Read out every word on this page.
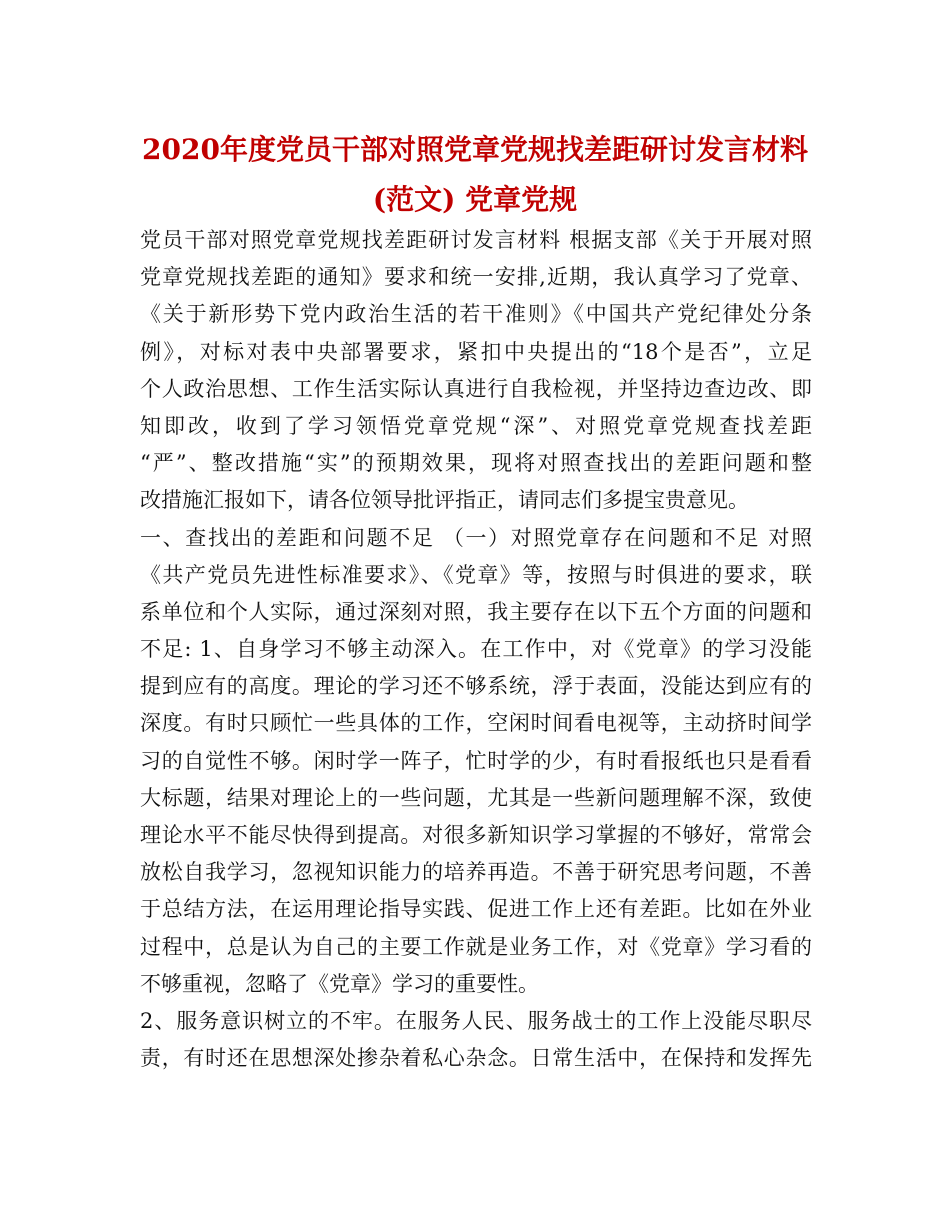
2020年度党员干部对照党章党规找差距研讨发言材料
(范文) 党章党规
党员干部对照党章党规找差距研讨发言材料 根据支部《关于开展对照
党章党规找差距的通知》要求和统一安排,近期，我认真学习了党章、
《关于新形势下党内政治生活的若干准则》《中国共产党纪律处分条
例》，对标对表中央部署要求，紧扣中央提出的“18个是否”，立足
个人政治思想、工作生活实际认真进行自我检视，并坚持边查边改、即
知即改，收到了学习领悟党章党规“深”、对照党章党规查找差距
“严”、整改措施“实”的预期效果，现将对照查找出的差距问题和整
改措施汇报如下，请各位领导批评指正，请同志们多提宝贵意见。
一、查找出的差距和问题不足 （一）对照党章存在问题和不足 对照
《共产党员先进性标准要求》、《党章》等，按照与时俱进的要求，联
系单位和个人实际，通过深刻对照，我主要存在以下五个方面的问题和
不足: 1、自身学习不够主动深入。在工作中，对《党章》的学习没能
提到应有的高度。理论的学习还不够系统，浮于表面，没能达到应有的
深度。有时只顾忙一些具体的工作，空闲时间看电视等，主动挤时间学
习的自觉性不够。闲时学一阵子，忙时学的少，有时看报纸也只是看看
大标题，结果对理论上的一些问题，尤其是一些新问题理解不深，致使
理论水平不能尽快得到提高。对很多新知识学习掌握的不够好，常常会
放松自我学习，忽视知识能力的培养再造。不善于研究思考问题，不善
于总结方法，在运用理论指导实践、促进工作上还有差距。比如在外业
过程中，总是认为自己的主要工作就是业务工作，对《党章》学习看的
不够重视，忽略了《党章》学习的重要性。
2、服务意识树立的不牢。在服务人民、服务战士的工作上没能尽职尽
责，有时还在思想深处掺杂着私心杂念。日常生活中，在保持和发挥先
